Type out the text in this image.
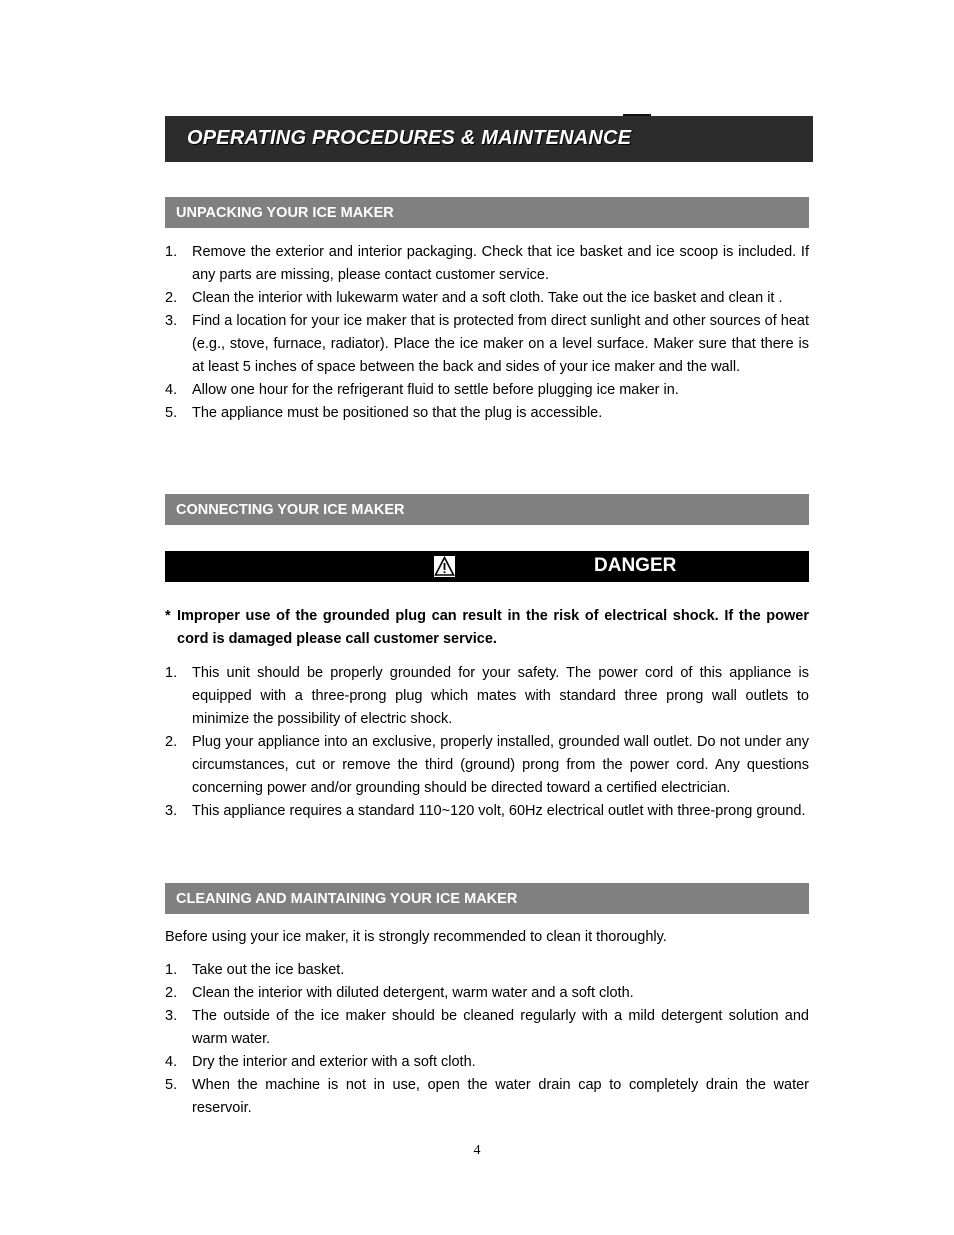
OPERATING PROCEDURES & MAINTENANCE
UNPACKING YOUR ICE MAKER
1. Remove the exterior and interior packaging. Check that ice basket and ice scoop is included. If any parts are missing, please contact customer service.
2. Clean the interior with lukewarm water and a soft cloth. Take out the ice basket and clean it .
3. Find a location for your ice maker that is protected from direct sunlight and other sources of heat (e.g., stove, furnace, radiator). Place the ice maker on a level surface. Maker sure that there is at least 5 inches of space between the back and sides of your ice maker and the wall.
4. Allow one hour for the refrigerant fluid to settle before plugging ice maker in.
5. The appliance must be positioned so that the plug is accessible.
CONNECTING YOUR ICE MAKER
DANGER
* Improper use of the grounded plug can result in the risk of electrical shock. If the power cord is damaged please call customer service.
1. This unit should be properly grounded for your safety. The power cord of this appliance is equipped with a three-prong plug which mates with standard three prong wall outlets to minimize the possibility of electric shock.
2. Plug your appliance into an exclusive, properly installed, grounded wall outlet. Do not under any circumstances, cut or remove the third (ground) prong from the power cord. Any questions concerning power and/or grounding should be directed toward a certified electrician.
3. This appliance requires a standard 110~120 volt, 60Hz electrical outlet with three-prong ground.
CLEANING AND MAINTAINING YOUR ICE MAKER
Before using your ice maker, it is strongly recommended to clean it thoroughly.
1. Take out the ice basket.
2. Clean the interior with diluted detergent, warm water and a soft cloth.
3. The outside of the ice maker should be cleaned regularly with a mild detergent solution and warm water.
4. Dry the interior and exterior with a soft cloth.
5. When the machine is not in use, open the water drain cap to completely drain the water reservoir.
4
